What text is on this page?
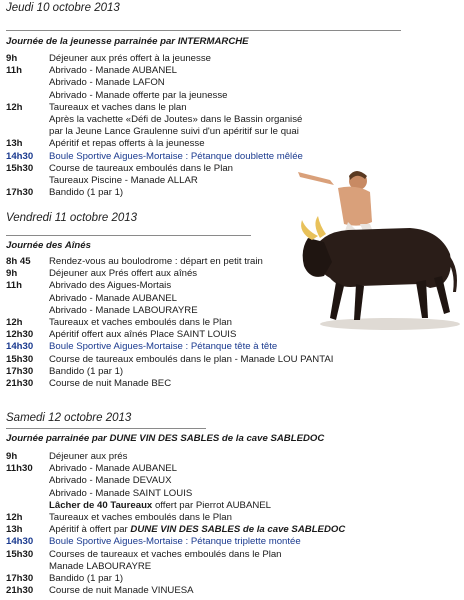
Jeudi 10 octobre 2013
Journée de la jeunesse parrainée par INTERMARCHE
9h	Déjeuner aux prés offert à la jeunesse
11h	Abrivado - Manade AUBANEL
Abrivado - Manade LAFON
Abrivado - Manade offerte par la jeunesse
12h	Taureaux et vaches dans le plan
Après la vachette «Défi de Joutes» dans le Bassin organisé
par la Jeune Lance Graulenne suivi d'un apéritif sur le quai
13h	Apéritif et repas offerts à la jeunesse
14h30 Boule Sportive Aigues-Mortaise : Pétanque doublette mêlée
15h30 Course de taureaux emboulés dans le Plan
Taureaux Piscine - Manade ALLAR
17h30 Bandido (1 par 1)
Vendredi 11 octobre 2013
Journée des Aînés
8h 45 Rendez-vous au boulodrome : départ en petit train
9h	Déjeuner aux Prés offert aux aînés
11h	Abrivado des Aigues-Mortais
Abrivado - Manade AUBANEL
Abrivado - Manade LABOURAYRE
12h	Taureaux et vaches emboulés dans le Plan
12h30 Apéritif offert aux aînés Place SAINT LOUIS
14h30 Boule Sportive Aigues-Mortaise : Pétanque tête à tête
15h30 Course de taureaux emboulés dans le plan - Manade LOU PANTAI
17h30 Bandido (1 par 1)
21h30 Course de nuit Manade BEC
Samedi 12 octobre 2013
Journée parrainée par DUNE VIN DES SABLES de la cave SABLEDOC
9h	Déjeuner aux prés
11h30 Abrivado - Manade AUBANEL
Abrivado - Manade DEVAUX
Abrivado - Manade SAINT LOUIS
Lâcher de 40 Taureaux offert par Pierrot AUBANEL
12h	Taureaux et vaches emboulés dans le Plan
13h	Apéritif à offert par DUNE VIN DES SABLES de la cave SABLEDOC
14h30 Boule Sportive Aigues-Mortaise : Pétanque triplette montée
15h30 Courses de taureaux et vaches emboulés dans le Plan
Manade LABOURAYRE
17h30 Bandido (1 par 1)
21h30 Course de nuit Manade VINUESA
